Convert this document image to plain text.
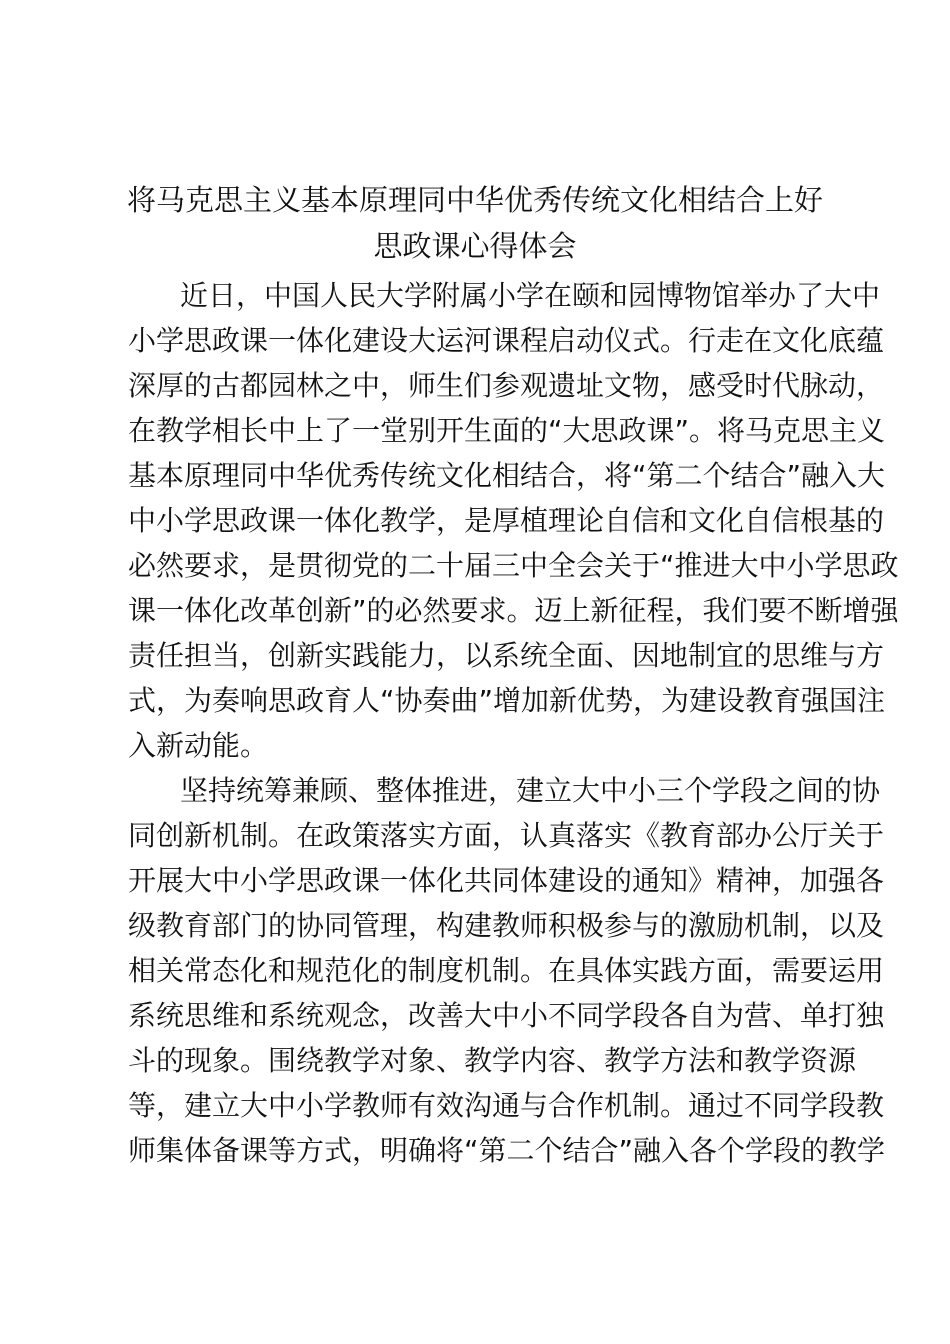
将马克思主义基本原理同中华优秀传统文化相结合上好
思政课心得体会
近日，中国人民大学附属小学在颐和园博物馆举办了大中
小学思政课一体化建设大运河课程启动仪式。行走在文化底蕴
深厚的古都园林之中，师生们参观遗址文物，感受时代脉动，
在教学相长中上了一堂别开生面的“大思政课”。将马克思主义
基本原理同中华优秀传统文化相结合，将“第二个结合”融入大
中小学思政课一体化教学，是厚植理论自信和文化自信根基的
必然要求，是贯彻党的二十届三中全会关于“推进大中小学思政
课一体化改革创新”的必然要求。迈上新征程，我们要不断增强
责任担当，创新实践能力，以系统全面、因地制宜的思维与方
式，为奏响思政育人“协奏曲”增加新优势，为建设教育强国注
入新动能。
坚持统筹兼顾、整体推进，建立大中小三个学段之间的协
同创新机制。在政策落实方面，认真落实《教育部办公厅关于
开展大中小学思政课一体化共同体建设的通知》精神，加强各
级教育部门的协同管理，构建教师积极参与的激励机制，以及
相关常态化和规范化的制度机制。在具体实践方面，需要运用
系统思维和系统观念，改善大中小不同学段各自为营、单打独
斗的现象。围绕教学对象、教学内容、教学方法和教学资源
等，建立大中小学教师有效沟通与合作机制。通过不同学段教
师集体备课等方式，明确将“第二个结合”融入各个学段的教学
